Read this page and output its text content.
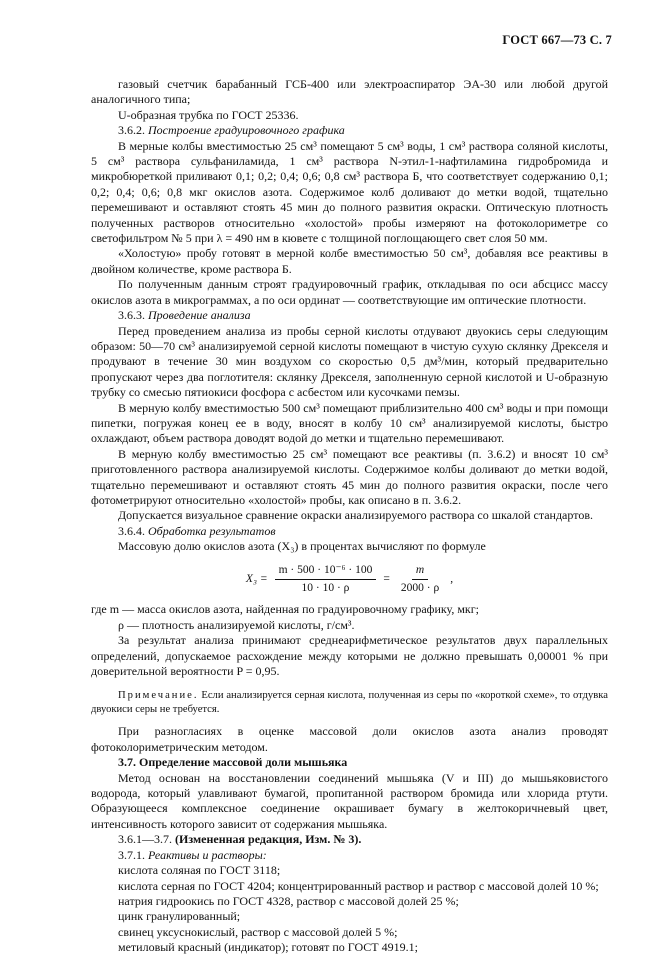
ГОСТ 667—73 С. 7

газовый счетчик барабанный ГСБ-400 или электроаспиратор ЭА-30 или любой другой аналогичного типа;

U-образная трубка по ГОСТ 25336.

3.6.2. Построение градуировочного графика

В мерные колбы вместимостью 25 см³ помещают 5 см³ воды, 1 см³ раствора соляной кислоты, 5 см³ раствора сульфаниламида, 1 см³ раствора N-этил-1-нафтиламина гидробромида и микробюреткой приливают 0,1; 0,2; 0,4; 0,6; 0,8 см³ раствора Б, что соответствует содержанию 0,1; 0,2; 0,4; 0,6; 0,8 мкг окислов азота. Содержимое колб доливают до метки водой, тщательно перемешивают и оставляют стоять 45 мин до полного развития окраски. Оптическую плотность полученных растворов относительно «холостой» пробы измеряют на фотоколориметре со светофильтром № 5 при λ = 490 нм в кювете с толщиной поглощающего свет слоя 50 мм.

«Холостую» пробу готовят в мерной колбе вместимостью 50 см³, добавляя все реактивы в двойном количестве, кроме раствора Б.

По полученным данным строят градуировочный график, откладывая по оси абсцисс массу окислов азота в микрограммах, а по оси ординат — соответствующие им оптические плотности.

3.6.3. Проведение анализа

Перед проведением анализа из пробы серной кислоты отдувают двуокись серы следующим образом: 50—70 см³ анализируемой серной кислоты помещают в чистую сухую склянку Дрекселя и продувают в течение 30 мин воздухом со скоростью 0,5 дм³/мин, который предварительно пропускают через два поглотителя: склянку Дрекселя, заполненную серной кислотой и U-образную трубку со смесью пятиокиси фосфора с асбестом или кусочками пемзы.

В мерную колбу вместимостью 500 см³ помещают приблизительно 400 см³ воды и при помощи пипетки, погружая конец ее в воду, вносят в колбу 10 см³ анализируемой кислоты, быстро охлаждают, объем раствора доводят водой до метки и тщательно перемешивают.

В мерную колбу вместимостью 25 см³ помещают все реактивы (п. 3.6.2) и вносят 10 см³ приготовленного раствора анализируемой кислоты. Содержимое колбы доливают до метки водой, тщательно перемешивают и оставляют стоять 45 мин до полного развития окраски, после чего фотометрируют относительно «холостой» пробы, как описано в п. 3.6.2.

Допускается визуальное сравнение окраски анализируемого раствора со шкалой стандартов.

3.6.4. Обработка результатов

Массовую долю окислов азота (X₃) в процентах вычисляют по формуле

$X_3 = \frac{\text{m · 500 · 10⁻⁶ · 100}}{10 \cdot 10 \cdot \rho} = \frac{m}{2000 \cdot \rho}$ ,

где m — масса окислов азота, найденная по градуировочному графику, мкг;

ρ — плотность анализируемой кислоты, г/см³.

За результат анализа принимают среднеарифметическое результатов двух параллельных определений, допускаемое расхождение между которыми не должно превышать 0,00001 % при доверительной вероятности P = 0,95.

Примечание. Если анализируется серная кислота, полученная из серы по «короткой схеме», то отдувка двуокиси серы не требуется.

При разногласиях в оценке массовой доли окислов азота анализ проводят фотоколориметрическим методом.

3.7. Определение массовой доли мышьяка

Метод основан на восстановлении соединений мышьяка (V и III) до мышьяковистого водорода, который улавливают бумагой, пропитанной раствором бромида или хлорида ртути. Образующееся комплексное соединение окрашивает бумагу в желтокоричневый цвет, интенсивность которого зависит от содержания мышьяка.

3.6.1—3.7. (Измененная редакция, Изм. № 3).

3.7.1. Реактивы и растворы:

кислота соляная по ГОСТ 3118;

кислота серная по ГОСТ 4204; концентрированный раствор и раствор с массовой долей 10 %;

натрия гидроокись по ГОСТ 4328, раствор с массовой долей 25 %;

цинк гранулированный;

свинец уксуснокислый, раствор с массовой долей 5 %;

метиловый красный (индикатор); готовят по ГОСТ 4919.1;
